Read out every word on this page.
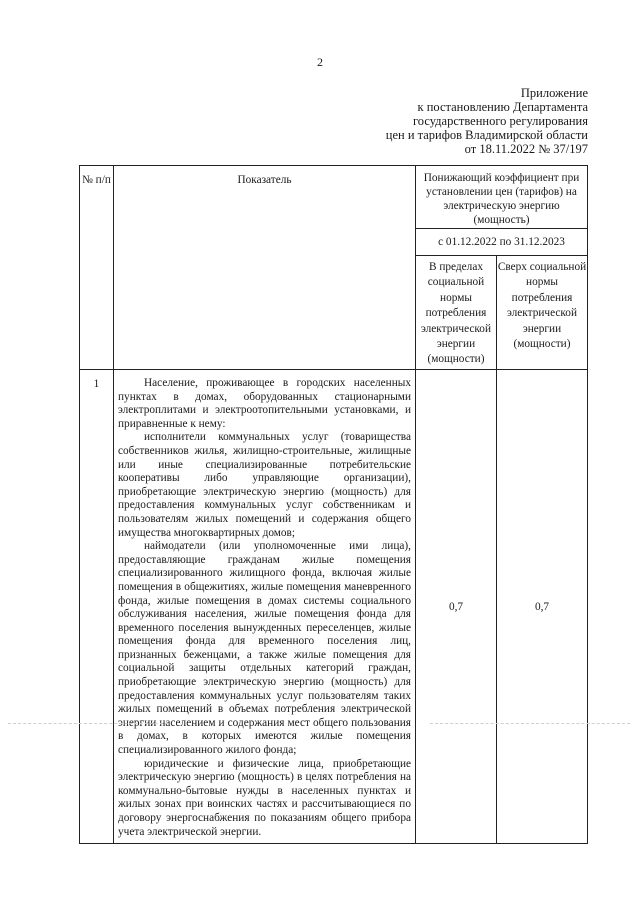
2
Приложение
к постановлению Департамента
государственного регулирования
цен и тарифов Владимирской области
от 18.11.2022 № 37/197
№ п/п	Показатель	Понижающий коэффициент при установлении цен (тарифов) на электрическую энергию (мощность)	
		с 01.12.2022 по 31.12.2023	
		В пределах социальной нормы потребления электрической энергии (мощности)	Сверх социальной нормы потребления электрической энергии (мощности)
1	Население, проживающее в городских населенных пунктах в домах, оборудованных стационарными электроплитами и электроотопительными установками, и приравненные к нему:

исполнители коммунальных услуг (товарищества собственников жилья, жилищно-строительные, жилищные или иные специализированные потребительские кооперативы либо управляющие организации), приобретающие электрическую энергию (мощность) для предоставления коммунальных услуг собственникам и пользователям жилых помещений и содержания общего имущества многоквартирных домов;

наймодатели (или уполномоченные ими лица), предоставляющие гражданам жилые помещения специализированного жилищного фонда, включая жилые помещения в общежитиях, жилые помещения маневренного фонда, жилые помещения в домах системы социального обслуживания населения, жилые помещения фонда для временного поселения вынужденных переселенцев, жилые помещения фонда для временного поселения лиц, признанных беженцами, а также жилые помещения для социальной защиты отдельных категорий граждан, приобретающие электрическую энергию (мощность) для предоставления коммунальных услуг пользователям таких жилых помещений в объемах потребления электрической энергии населением и содержания мест общего пользования в домах, в которых имеются жилые помещения специализированного жилого фонда;

юридические и физические лица, приобретающие электрическую энергию (мощность) в целях потребления на коммунально-бытовые нужды в населенных пунктах и жилых зонах при воинских частях и рассчитывающиеся по договору энергоснабжения по показаниям общего прибора учета электрической энергии.	0,7	0,7
